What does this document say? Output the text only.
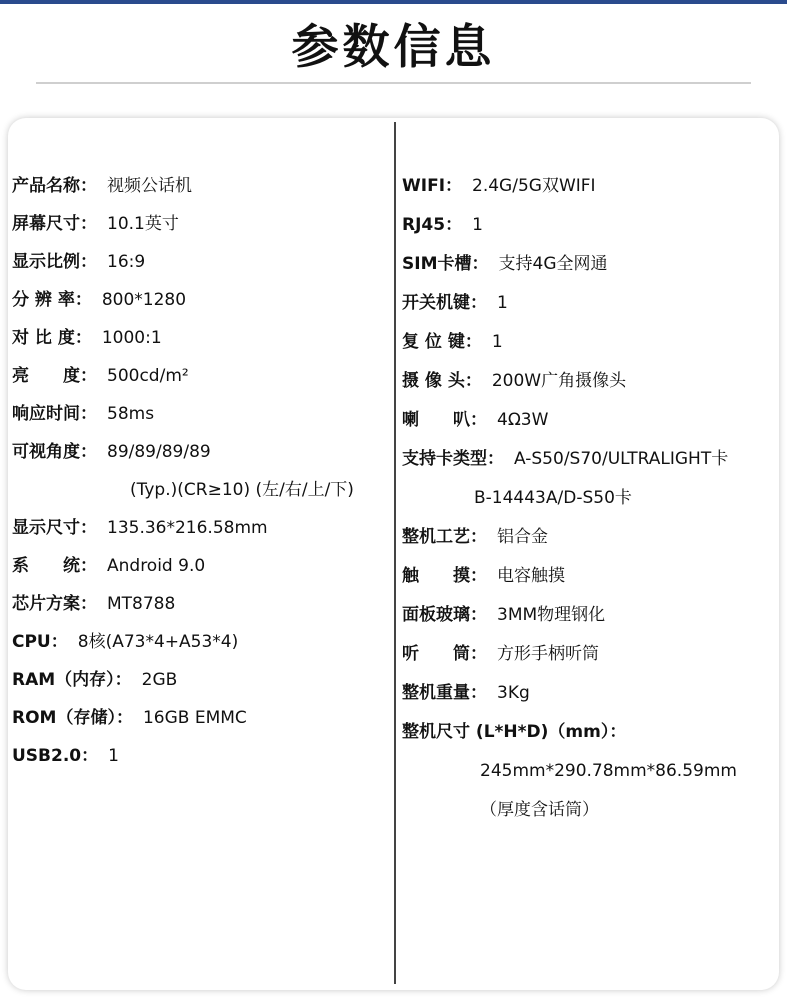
参数信息
产品名称： 视频公话机
屏幕尺寸： 10.1英寸
显示比例： 16:9
分 辨 率： 800*1280
对 比 度： 1000:1
亮　　度： 500cd/m²
响应时间： 58ms
可视角度： 89/89/89/89
(Typ.)(CR≥10) (左/右/上/下)
显示尺寸： 135.36*216.58mm
系　　统： Android 9.0
芯片方案： MT8788
CPU： 8核(A73*4+A53*4)
RAM（内存）： 2GB
ROM（存储）： 16GB EMMC
USB2.0： 1
WIFI： 2.4G/5G双WIFI
RJ45： 1
SIM卡槽： 支持4G全网通
开关机键： 1
复 位 键： 1
摄 像 头： 200W广角摄像头
喇　　叭： 4Ω3W
支持卡类型： A-S50/S70/ULTRALIGHT卡
B-14443A/D-S50卡
整机工艺： 铝合金
触　　摸： 电容触摸
面板玻璃： 3MM物理钢化
听　　筒： 方形手柄听筒
整机重量： 3Kg
整机尺寸 (L*H*D)（mm）：
245mm*290.78mm*86.59mm
（厚度含话筒）
